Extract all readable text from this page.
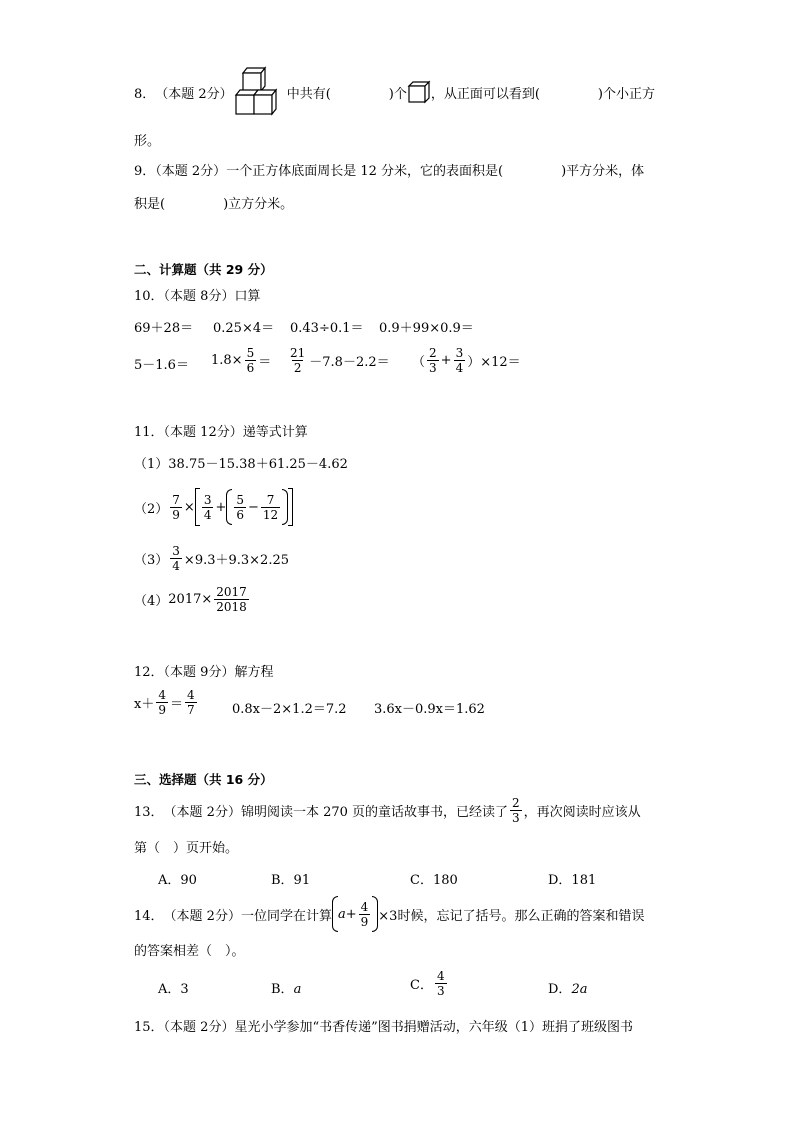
8． （本题 2分）	中共有(	)个 ，从正面可以看到(	)个小正方
形。
9．（本题 2分）一个正方体底面周长是 12 分米，它的表面积是(	)平方分米，体
积是(	)立方分米。
二、计算题（共 29 分）
10．（本题 8分）口算
69＋28＝ 0.25×4＝ 0.43÷0.1＝ 0.9＋99×0.9＝
$5-1.6= 1.8\times \frac{5}{6} = \frac{21}{2} -7.8-2.2=$ （ $\frac{2}{3} + \frac{3}{4} )\times 12=$
11．（本题 12分）递等式计算
（1）38.75－15.38＋61.25－4.62
$(2) \frac{7}{9} \times \frac{3}{4} + \frac{5}{6} - \frac{7}{12}$
$(3) \frac{3}{4} \times 9.3+9.3\times 2.25$
$(4)2017\times \frac{2017}{2018}$
12．（本题 9分）解方程
$x+ \frac{4}{9} = \frac{4}{7}$	0.8x－2×1.2＝7.2 3.6x－0.9x＝1.62
三、选择题（共 16 分）
13．（本题 2分）锦明阅读一本 270 页的童话故事书，已经读了 $\frac{2}{3}$ ，再次阅读时应该从
第（　）页开始。
A．90	B．91	C．180	D．181
14． （本题 2分） 一位同学在计算 $a + \frac{4}{9} \times 3$时候，忘记了括号。那么正确的答案和错误
的答案相差（　）。
A．3	B．a	C． $\frac{4}{3}$	D．2a
15．（本题 2分）星光小学参加“书香传递”图书捐赠活动，六年级（1）班捐了班级图书
